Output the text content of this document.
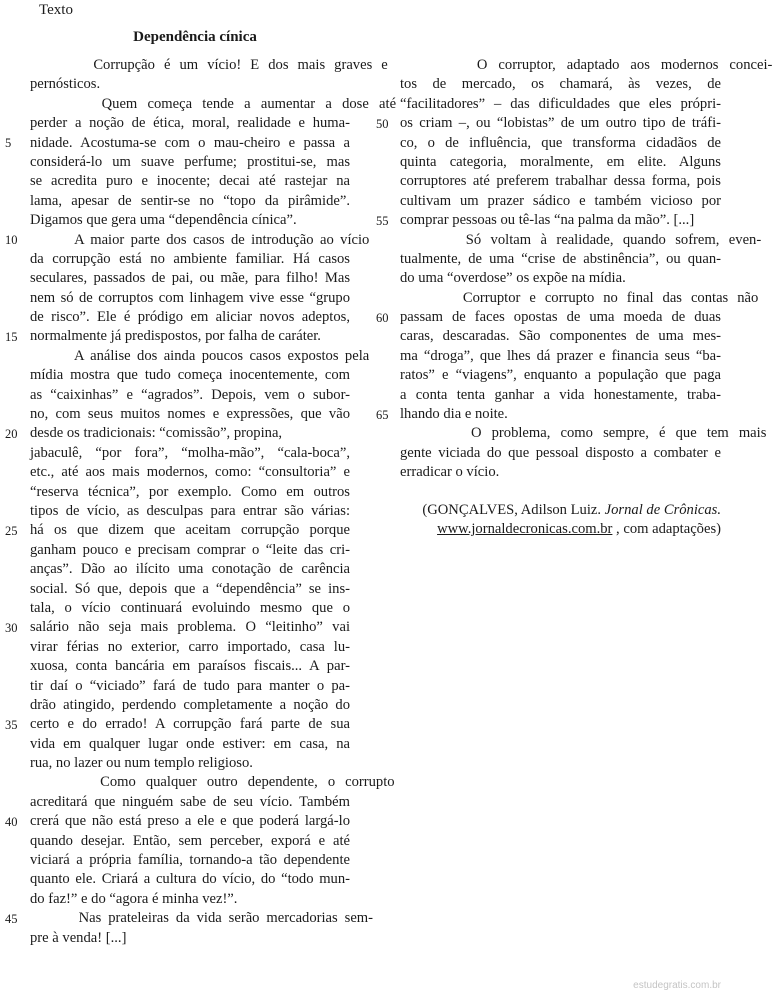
Texto
Dependência cínica
Corrupção é um vício! E dos mais graves e
pernósticos.
Quem começa tende a aumentar a dose até
perder a noção de ética, moral, realidade e huma-
nidade. Acostuma-se com o mau-cheiro e passa a
considerá-lo um suave perfume; prostitui-se, mas
se acredita puro e inocente; decai até rastejar na
lama, apesar de sentir-se no “topo da pirâmide”.
Digamos que gera uma “dependência cínica”.
A maior parte dos casos de introdução ao vício
da corrupção está no ambiente familiar. Há casos
seculares, passados de pai, ou mãe, para filho! Mas
nem só de corruptos com linhagem vive esse “grupo
de risco”. Ele é pródigo em aliciar novos adeptos,
normalmente já predispostos, por falha de caráter.
A análise dos ainda poucos casos expostos pela
mídia mostra que tudo começa inocentemente, com
as “caixinhas” e “agrados”. Depois, vem o subor-
no, com seus muitos nomes e expressões, que vão
desde os tradicionais: “comissão”, propina,
jabaculê, “por fora”, “molha-mão”, “cala-boca”,
etc., até aos mais modernos, como: “consultoria” e
“reserva técnica”, por exemplo. Como em outros
tipos de vício, as desculpas para entrar são várias:
há os que dizem que aceitam corrupção porque
ganham pouco e precisam comprar o “leite das cri-
anças”. Dão ao ilícito uma conotação de carência
social. Só que, depois que a “dependência” se ins-
tala, o vício continuará evoluindo mesmo que o
salário não seja mais problema. O “leitinho” vai
virar férias no exterior, carro importado, casa lu-
xuosa, conta bancária em paraísos fiscais... A par-
tir daí o “viciado” fará de tudo para manter o pa-
drão atingido, perdendo completamente a noção do
certo e do errado! A corrupção fará parte de sua
vida em qualquer lugar onde estiver: em casa, na
rua, no lazer ou num templo religioso.
Como qualquer outro dependente, o corrupto
acreditará que ninguém sabe de seu vício. Também
crerá que não está preso a ele e que poderá largá-lo
quando desejar. Então, sem perceber, exporá e até
viciará a própria família, tornando-a tão dependente
quanto ele. Criará a cultura do vício, do “todo mun-
do faz!” e do “agora é minha vez!”.
Nas prateleiras da vida serão mercadorias sem-
pre à venda! [...]
O corruptor, adaptado aos modernos concei-
tos de mercado, os chamará, às vezes, de
“facilitadores” – das dificuldades que eles própri-
os criam –, ou “lobistas” de um outro tipo de tráfi-
co, o de influência, que transforma cidadãos de
quinta categoria, moralmente, em elite. Alguns
corruptores até preferem trabalhar dessa forma, pois
cultivam um prazer sádico e também vicioso por
comprar pessoas ou tê-las “na palma da mão”. [...]
Só voltam à realidade, quando sofrem, even-
tualmente, de uma “crise de abstinência”, ou quan-
do uma “overdose” os expõe na mídia.
Corruptor e corrupto no final das contas não
passam de faces opostas de uma moeda de duas
caras, descaradas. São componentes de uma mes-
ma “droga”, que lhes dá prazer e financia seus “ba-
ratos” e “viagens”, enquanto a população que paga
a conta tenta ganhar a vida honestamente, traba-
lhando dia e noite.
O problema, como sempre, é que tem mais
gente viciada do que pessoal disposto a combater e
erradicar o vício.
5
10
15
20
25
30
35
40
45
50
55
60
65
(GONÇALVES, Adilson Luiz. Jornal de Crônicas.
www.jornaldecronicas.com.br , com adaptações)
estudegratis.com.br
